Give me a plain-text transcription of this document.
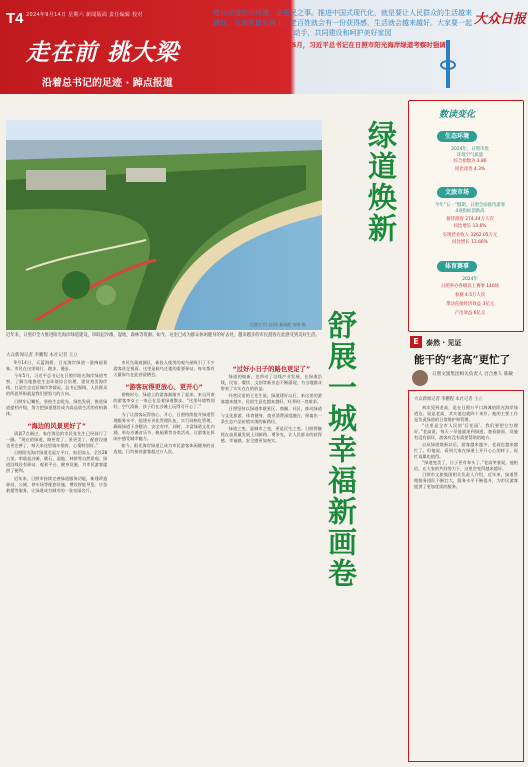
T4 2024年9月14日 星期六 新闻版面 责任编辑 校对
走在前 挑大梁
沿着总书记的足迹 · 踔点报道
建设绿道应尽所需，是惠民之事。推进中国式现代化，就是要让人民群众的生活越来越好。在高质量发展上，老百姓就会有一份获得感，生活就会越来越好。大家要一起动手，共同建设和呵护美好家园
——2024年5月，习近平总书记在日照市阳光海岸绿道考察时强调
大众日报
日照万平口沿线 新闻配 何刚 摄
近年来，日照市全力推进阳光海岸绿道建设，串联起沙滩、湿地、森林等资源。如今，这里已成为群众休闲健身的好去处，越来越多的市民游客在此感受到美好生活。
绿道焕新
舒展一城幸福新画卷
大众新闻记者 李鹏程 本社记者 王立

9月14日，天蓝海碧，日光海岸绿道一派绚丽景象。市民在这里骑行、跑步、漫步。

今年5月，习近平总书记在日照市阳光海岸绿道考察，了解当地推进生态环境综合治理、建设秀美海岸线、打造生态宜居城市等情况。总书记强调，人民群众的所思所盼就是我们要努力的方向。

日照牢记嘱托，坚持生态优先、绿色发展，推进绿道提档升级，努力把绿道建设成为高品质生活的有机载体。

“海边的风景更好了”

清晨7点刚过，家住海边的市民张先生已经骑行了一圈。“现在的绿道，路更宽了，景更美了，配套设施也更完善了，每天来这里骑车锻炼，心情特别好。”

日照阳光海岸绿道北起万平口，南至岚山，全长28公里，串联起沙滩、礁石、湿地、林带等自然景观。绿道沿线设有驿站、观景平台、健身设施，为市民游客提供了便利。

近年来，日照市持续完善绿道服务功能，新建改造驿站、公厕、停车场等配套设施，增设智能导览、应急救援等服务，让绿道成为城市的一张亮丽名片。

市民鸟巢观测区，新投入使用的观鸟屋吸引了不少游客驻足观看。这里是候鸟迁徙的重要驿站，每年都有大量候鸟在此停留栖息。

“游客玩得更放心、更开心”

傍晚时分，绿道上的游客渐渐多了起来。来自河南的游客李女士一家正在沿着绿道散步。“这里环境特别好，空气清新，孩子们在沙滩上玩得可开心了。”

为了让游客玩得放心、开心，日照持续提升绿道管理服务水平，组建专业化管理队伍，实行网格化管理，确保绿道干净整洁、安全有序。同时，丰富绿道文化内涵，举办沙滩音乐节、帆船赛等各类活动，让游客在休闲中感受城市魅力。

如今，阳光海岸绿道已成为市民游客休闲健身的首选地，日均接待游客超过万人次。

“过好小日子的路也更足了”

绿道的焕新，也带动了沿线产业发展。在绿道沿线，民宿、餐饮、文创等新业态不断涌现，为当地群众带来了实实在在的收益。

经营民宿的王先生说，绿道建好以后，来这里的游客越来越多，民宿生意也越来越好，旺季时一房难求。

日照坚持以绿道串联景区、商圈、社区，推动绿道与文化旅游、体育健身、商业消费深度融合，探索出一条生态产品价值实现的新路径。

绿道之变，是城市之变，更是民生之变。日照将继续在高质量发展上闯新路、勇争先，让人民群众的获得感、幸福感、安全感更加充实。

数读变化
生态环境
2024年，日照市优
环境空气质量
综合指数为 3.80
同比改善 4.3%
文旅市场
今年“五一”假期，日照全面接待游客
4项指标创新高
接待游客 274.44万人次
同比增长 13.6%
实现营业收入 3262.05万元
同比增长 13.66%
体育赛事
2024年
日照举办各级以上赛事 140场
参赛 4.5万人次
带动直接经济效益 3亿元
产出效益 6亿元
E	泰然 · 见证
能干的“老高”更忙了
日照文旅集团相关负责人 百合惠人 陈敏
大众新闻记者 李鹏程 本社记者 王立

初次见到老高，是在日照万平口海滩的阳光海岸绿道边。说是老高，其实他也就四十来岁。他的主要工作是负责绿道的日常维护和管理。

“这里是全市人民的‘后花园’，我们要把它打理好。”老高说，每天一早他就来到绿道，查看路面、设施有没有损坏，游客有没有需要帮助的地方。

自从绿道焕新以后，游客越来越多，老高也越来越忙了。但他说，看到大家在绿道上开开心心的样子，再忙再累也值得。

“绿道变美了，日子更有奔头了。”老高笑着说，他相信，在大家的共同努力下，这里会变得越来越好。

日照市文旅集团相关负责人介绍，近年来，绿道管理服务团队不断壮大，服务水平不断提升，为市民游客提供了更加优质的服务。
